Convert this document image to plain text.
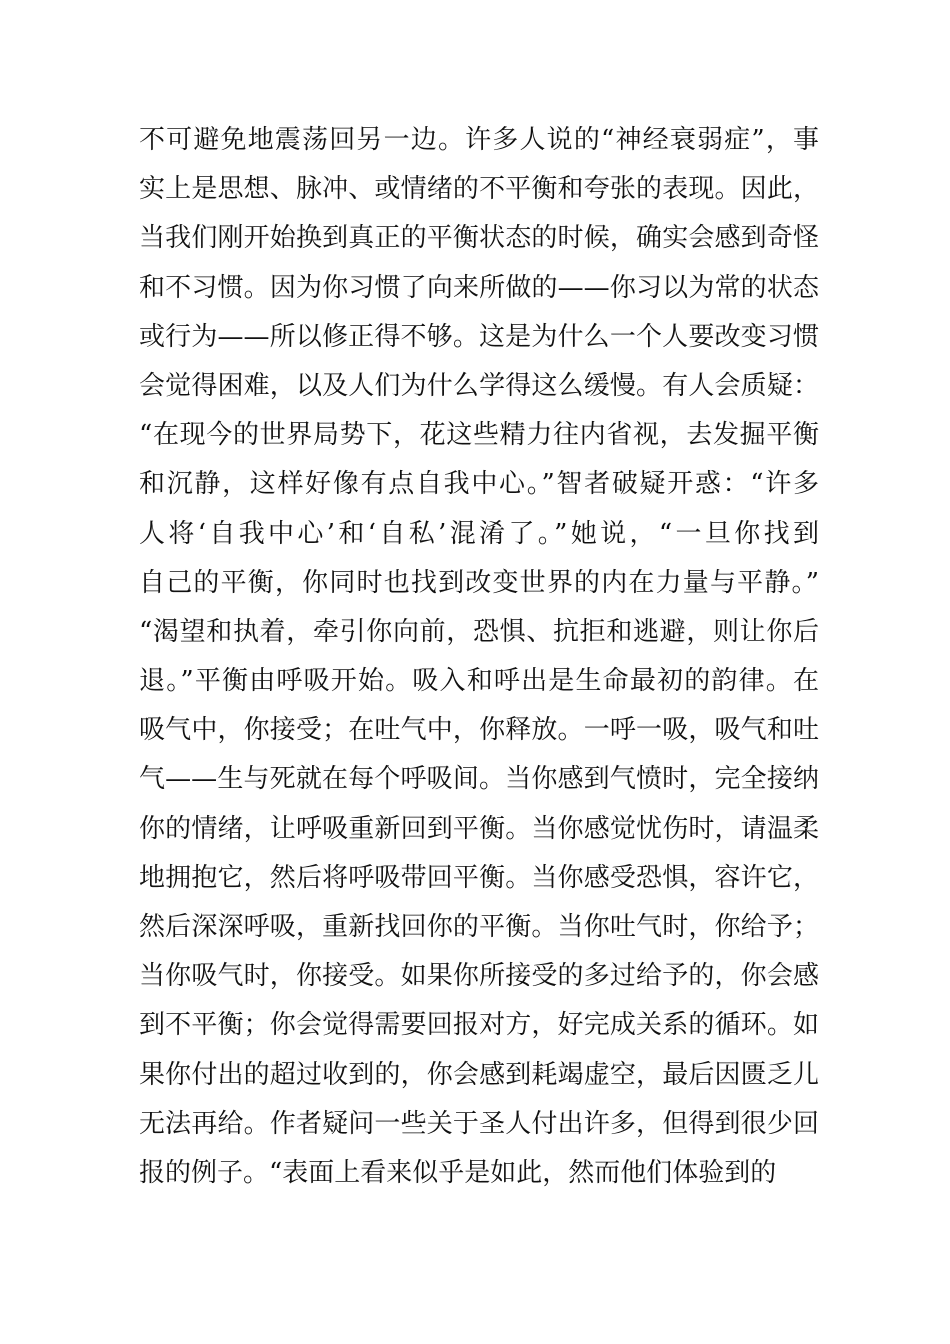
不可避免地震荡回另一边。许多人说的“神经衰弱症”，事
实上是思想、脉冲、或情绪的不平衡和夸张的表现。因此，
当我们刚开始换到真正的平衡状态的时候，确实会感到奇怪
和不习惯。因为你习惯了向来所做的——你习以为常的状态
或行为——所以修正得不够。这是为什么一个人要改变习惯
会觉得困难，以及人们为什么学得这么缓慢。有人会质疑：
“在现今的世界局势下，花这些精力往内省视，去发掘平衡
和沉静，这样好像有点自我中心。”智者破疑开惑：“许多
人将‘自我中心’和‘自私’混淆了。”她说，“一旦你找到
自己的平衡，你同时也找到改变世界的内在力量与平静。”
“渴望和执着，牵引你向前，恐惧、抗拒和逃避，则让你后
退。”平衡由呼吸开始。吸入和呼出是生命最初的韵律。在
吸气中，你接受；在吐气中，你释放。一呼一吸，吸气和吐
气——生与死就在每个呼吸间。当你感到气愤时，完全接纳
你的情绪，让呼吸重新回到平衡。当你感觉忧伤时，请温柔
地拥抱它，然后将呼吸带回平衡。当你感受恐惧，容许它，
然后深深呼吸，重新找回你的平衡。当你吐气时，你给予；
当你吸气时，你接受。如果你所接受的多过给予的，你会感
到不平衡；你会觉得需要回报对方，好完成关系的循环。如
果你付出的超过收到的，你会感到耗竭虚空，最后因匮乏儿
无法再给。作者疑问一些关于圣人付出许多，但得到很少回
报的例子。“表面上看来似乎是如此，然而他们体验到的
